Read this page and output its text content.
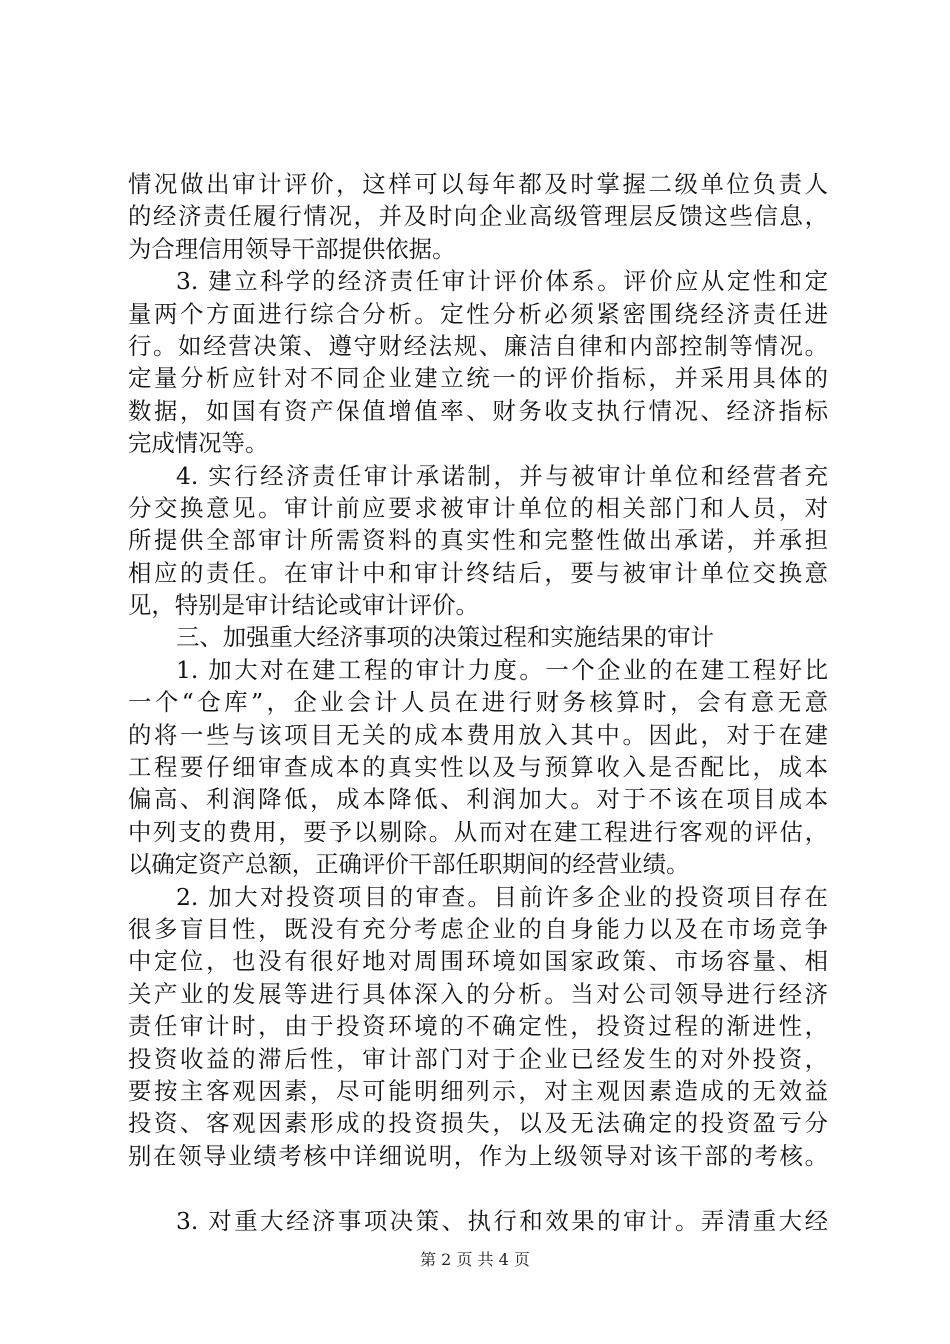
情况做出审计评价，这样可以每年都及时掌握二级单位负责人
的经济责任履行情况，并及时向企业高级管理层反馈这些信息，
为合理信用领导干部提供依据。
3. 建立科学的经济责任审计评价体系。评价应从定性和定
量两个方面进行综合分析。定性分析必须紧密围绕经济责任进
行。如经营决策、遵守财经法规、廉洁自律和内部控制等情况。
定量分析应针对不同企业建立统一的评价指标，并采用具体的
数据，如国有资产保值增值率、财务收支执行情况、经济指标
完成情况等。
4. 实行经济责任审计承诺制，并与被审计单位和经营者充
分交换意见。审计前应要求被审计单位的相关部门和人员，对
所提供全部审计所需资料的真实性和完整性做出承诺，并承担
相应的责任。在审计中和审计终结后，要与被审计单位交换意
见，特别是审计结论或审计评价。
三、加强重大经济事项的决策过程和实施结果的审计
1. 加大对在建工程的审计力度。一个企业的在建工程好比
一个“仓库”，企业会计人员在进行财务核算时，会有意无意
的将一些与该项目无关的成本费用放入其中。因此，对于在建
工程要仔细审查成本的真实性以及与预算收入是否配比，成本
偏高、利润降低，成本降低、利润加大。对于不该在项目成本
中列支的费用，要予以剔除。从而对在建工程进行客观的评估，
以确定资产总额，正确评价干部任职期间的经营业绩。
2. 加大对投资项目的审查。目前许多企业的投资项目存在
很多盲目性，既没有充分考虑企业的自身能力以及在市场竞争
中定位，也没有很好地对周围环境如国家政策、市场容量、相
关产业的发展等进行具体深入的分析。当对公司领导进行经济
责任审计时，由于投资环境的不确定性，投资过程的渐进性，
投资收益的滞后性，审计部门对于企业已经发生的对外投资，
要按主客观因素，尽可能明细列示，对主观因素造成的无效益
投资、客观因素形成的投资损失，以及无法确定的投资盈亏分
别在领导业绩考核中详细说明，作为上级领导对该干部的考核。
3. 对重大经济事项决策、执行和效果的审计。弄清重大经
第 2 页 共 4 页
